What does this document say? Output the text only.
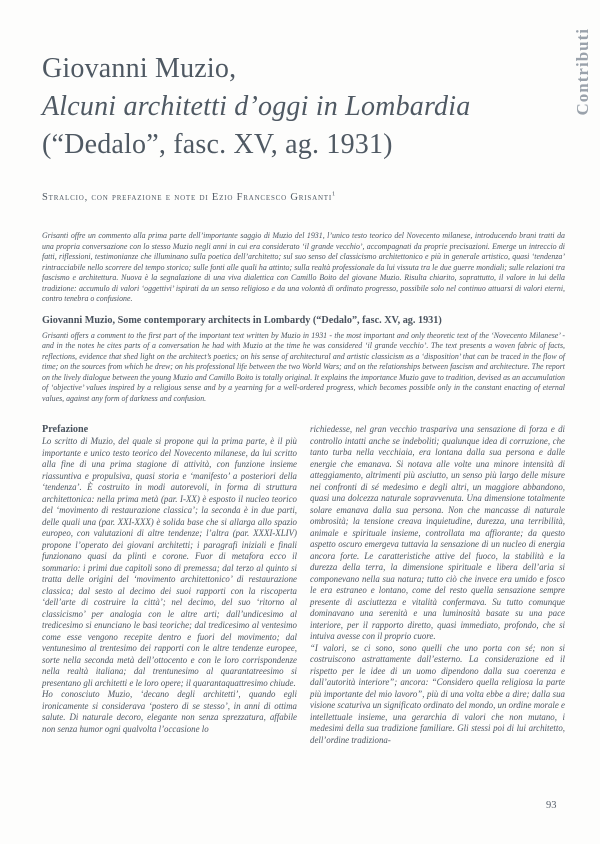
Contributi
Giovanni Muzio,
Alcuni architetti d’oggi in Lombardia
(“Dedalo”, fasc. XV, ag. 1931)
Stralcio, con prefazione e note di Ezio Francesco Grisanti$^1$

Grisanti offre un commento alla prima parte dell’importante saggio di Muzio del 1931, l’unico testo teorico del Novecento milanese, introducendo brani tratti da una propria conversazione con lo stesso Muzio negli anni in cui era considerato ‘il grande vecchio’, accompagnati da proprie precisazioni. Emerge un intreccio di fatti, riflessioni, testimonianze che illuminano sulla poetica dell’architetto; sul suo senso del classicismo architettonico e più in generale artistico, quasi ‘tendenza’ rintracciabile nello scorrere del tempo storico; sulle fonti alle quali ha attinto; sulla realtà professionale da lui vissuta tra le due guerre mondiali; sulle relazioni tra fascismo e architettura. Nuova è la segnalazione di una viva dialettica con Camillo Boito del giovane Muzio. Risulta chiarito, soprattutto, il valore in lui della tradizione: accumulo di valori ‘oggettivi’ ispirati da un senso religioso e da una volontà di ordinato progresso, possibile solo nel continuo attuarsi di valori eterni, contro tenebra o confusione.

Giovanni Muzio, Some contemporary architects in Lombardy (“Dedalo”, fasc. XV, ag. 1931)

Grisanti offers a comment to the first part of the important text written by Muzio in 1931 - the most important and only theoretic text of the ‘Novecento Milanese’ - and in the notes he cites parts of a conversation he had with Muzio at the time he was considered ‘il grande vecchio’. The text presents a woven fabric of facts, reflections, evidence that shed light on the architect’s poetics; on his sense of architectural and artistic classicism as a ‘disposition’ that can be traced in the flow of time; on the sources from which he drew; on his professional life between the two World Wars; and on the relationships between fascism and architecture. The report on the lively dialogue between the young Muzio and Camillo Boito is totally original. It explains the importance Muzio gave to tradition, devised as an accumulation of ‘objective’ values inspired by a religious sense and by a yearning for a well-ordered progress, which becomes possible only in the constant enacting of eternal values, against any form of darkness and confusion.

Prefazione

Lo scritto di Muzio, del quale si propone qui la prima parte, è il più importante e unico testo teorico del Novecento milanese, da lui scritto alla fine di una prima stagione di attività, con funzione insieme riassuntiva e propulsiva, quasi storia e ‘manifesto’ a posteriori della ‘tendenza’. È costruito in modi autorevoli, in forma di struttura architettonica: nella prima metà (par. I-XX) è esposto il nucleo teorico del ‘movimento di restaurazione classica’; la seconda è in due parti, delle quali una (par. XXI-XXX) è solida base che si allarga allo spazio europeo, con valutazioni di altre tendenze; l’altra (par. XXXI-XLIV) propone l’operato dei giovani architetti; i paragrafi iniziali e finali funzionano quasi da plinti e corone. Fuor di metafora ecco il sommario: i primi due capitoli sono di premessa; dal terzo al quinto si tratta delle origini del ‘movimento architettonico’ di restaurazione classica; dal sesto al decimo dei suoi rapporti con la riscoperta ‘dell’arte di costruire la città’; nel decimo, del suo ‘ritorno al classicismo’ per analogia con le altre arti; dall’undicesimo al tredicesimo si enunciano le basi teoriche; dal tredicesimo al ventesimo come esse vengono recepite dentro e fuori del movimento; dal ventunesimo al trentesimo dei rapporti con le altre tendenze europee, sorte nella seconda metà dell’ottocento e con le loro corrispondenze nella realtà italiana; dal trentunesimo al quarantatreesimo si presentano gli architetti e le loro opere; il quarantaquattresimo chiude.

Ho conosciuto Muzio, ‘decano degli architetti’, quando egli ironicamente si considerava ‘postero di se stesso’, in anni di ottima salute. Di naturale decoro, elegante non senza sprezzatura, affabile non senza humor ogni qualvolta l’occasione lo

richiedesse, nel gran vecchio traspariva una sensazione di forza e di controllo intatti anche se indeboliti; qualunque idea di corruzione, che tanto turba nella vecchiaia, era lontana dalla sua persona e dalle energie che emanava. Si notava alle volte una minore intensità di atteggiamento, altrimenti più asciutto, un senso più largo delle misure nei confronti di sé medesimo e degli altri, un maggiore abbandono, quasi una dolcezza naturale sopravvenuta. Una dimensione totalmente solare emanava dalla sua persona. Non che mancasse di naturale ombrosità; la tensione creava inquietudine, durezza, una terribilità, animale e spirituale insieme, controllata ma affiorante; da questo aspetto oscuro emergeva tuttavia la sensazione di un nucleo di energia ancora forte. Le caratteristiche attive del fuoco, la stabilità e la durezza della terra, la dimensione spirituale e libera dell’aria si componevano nella sua natura; tutto ciò che invece era umido e fosco le era estraneo e lontano, come del resto quella sensazione sempre presente di asciuttezza e vitalità confermava. Su tutto comunque dominavano una serenità e una luminosità basate su una pace interiore, per il rapporto diretto, quasi immediato, profondo, che si intuiva avesse con il proprio cuore.

“I valori, se ci sono, sono quelli che uno porta con sé; non si costruiscono astrattamente dall’esterno. La considerazione ed il rispetto per le idee di un uomo dipendono dalla sua coerenza e dall’autorità interiore”; ancora: “Considero quella religiosa la parte più importante del mio lavoro”, più di una volta ebbe a dire; dalla sua visione scaturiva un significato ordinato del mondo, un ordine morale e intellettuale insieme, una gerarchia di valori che non mutano, i medesimi della sua tradizione familiare. Gli stessi poi di lui architetto, dell’ordine tradiziona-

93
